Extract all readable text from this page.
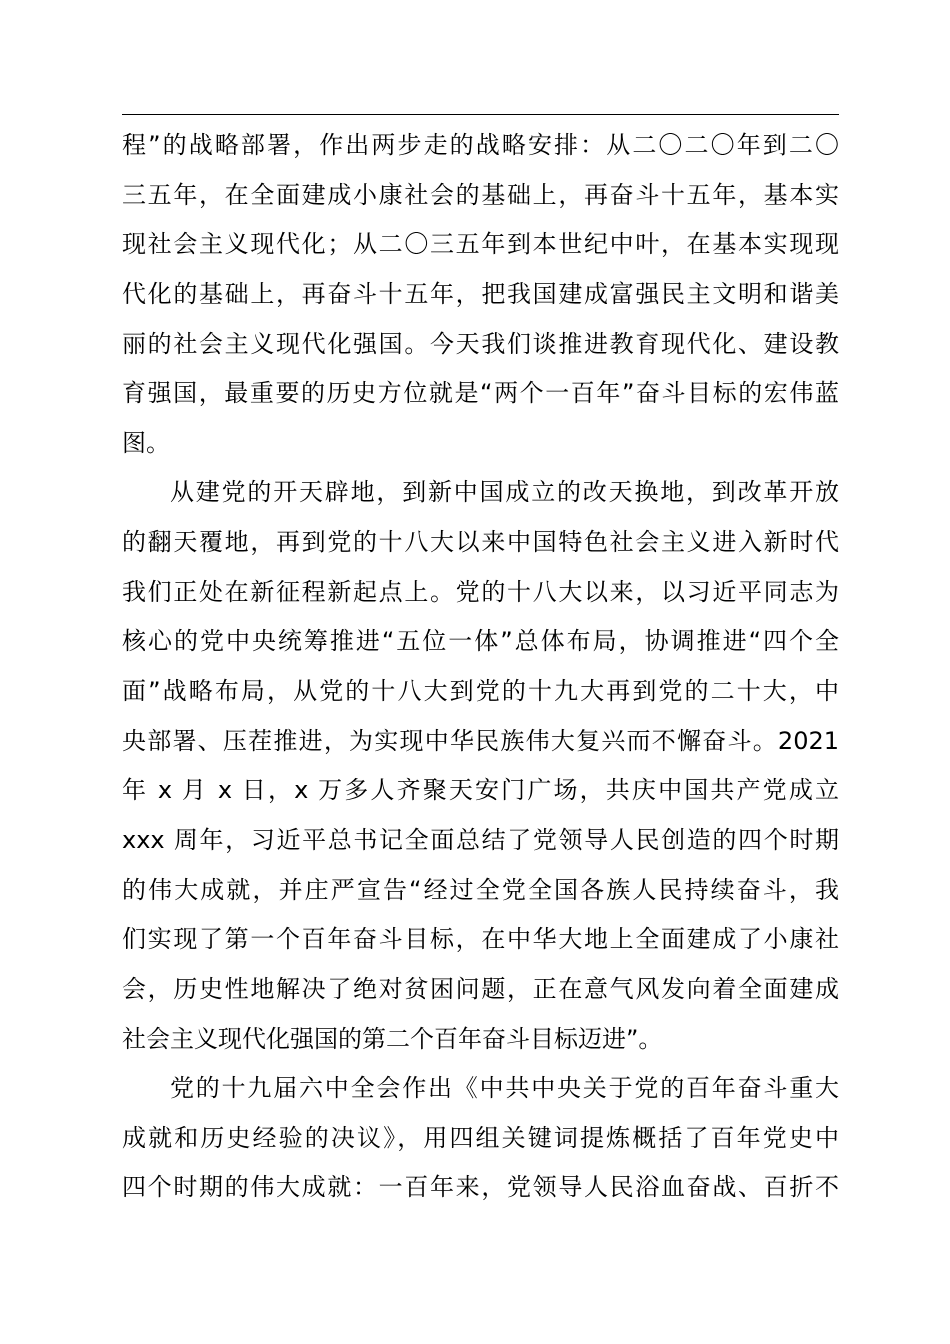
程”的战略部署，作出两步走的战略安排：从二〇二〇年到二〇
三五年，在全面建成小康社会的基础上，再奋斗十五年，基本实
现社会主义现代化；从二〇三五年到本世纪中叶，在基本实现现
代化的基础上，再奋斗十五年，把我国建成富强民主文明和谐美
丽的社会主义现代化强国。今天我们谈推进教育现代化、建设教
育强国，最重要的历史方位就是“两个一百年”奋斗目标的宏伟蓝
图。
从建党的开天辟地，到新中国成立的改天换地，到改革开放
的翻天覆地，再到党的十八大以来中国特色社会主义进入新时代
我们正处在新征程新起点上。党的十八大以来，以习近平同志为
核心的党中央统筹推进“五位一体”总体布局，协调推进“四个全
面”战略布局，从党的十八大到党的十九大再到党的二十大，中
央部署、压茬推进，为实现中华民族伟大复兴而不懈奋斗。2021
年 x 月 x 日，x 万多人齐聚天安门广场，共庆中国共产党成立
xxx 周年，习近平总书记全面总结了党领导人民创造的四个时期
的伟大成就，并庄严宣告“经过全党全国各族人民持续奋斗，我
们实现了第一个百年奋斗目标，在中华大地上全面建成了小康社
会，历史性地解决了绝对贫困问题，正在意气风发向着全面建成
社会主义现代化强国的第二个百年奋斗目标迈进”。
党的十九届六中全会作出《中共中央关于党的百年奋斗重大
成就和历史经验的决议》，用四组关键词提炼概括了百年党史中
四个时期的伟大成就：一百年来，党领导人民浴血奋战、百折不
